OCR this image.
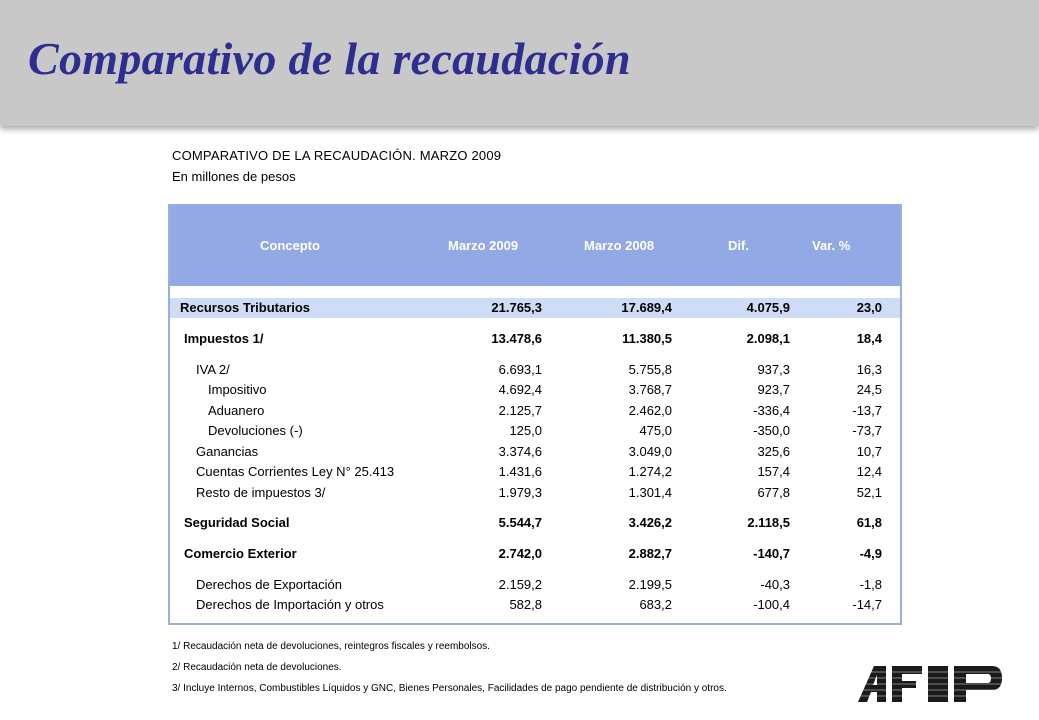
Comparativo de la recaudación
COMPARATIVO DE LA RECAUDACIÓN. MARZO 2009
En millones de pesos
Concepto	Marzo 2009	Marzo 2008	Dif.	Var. %
Recursos Tributarios	21.765,3	17.689,4	4.075,9	23,0
Impuestos 1/	13.478,6	11.380,5	2.098,1	18,4
IVA 2/	6.693,1	5.755,8	937,3	16,3
Impositivo	4.692,4	3.768,7	923,7	24,5
Aduanero	2.125,7	2.462,0	-336,4	-13,7
Devoluciones (-)	125,0	475,0	-350,0	-73,7
Ganancias	3.374,6	3.049,0	325,6	10,7
Cuentas Corrientes Ley N° 25.413	1.431,6	1.274,2	157,4	12,4
Resto de impuestos 3/	1.979,3	1.301,4	677,8	52,1
Seguridad Social	5.544,7	3.426,2	2.118,5	61,8
Comercio Exterior	2.742,0	2.882,7	-140,7	-4,9
Derechos de Exportación	2.159,2	2.199,5	-40,3	-1,8
Derechos de Importación y otros	582,8	683,2	-100,4	-14,7
1/ Recaudación neta de devoluciones, reintegros fiscales y reembolsos.
2/ Recaudación neta de devoluciones.
3/ Incluye Internos, Combustibles Líquidos y GNC, Bienes Personales, Facilidades de pago pendiente de distribución y otros.
